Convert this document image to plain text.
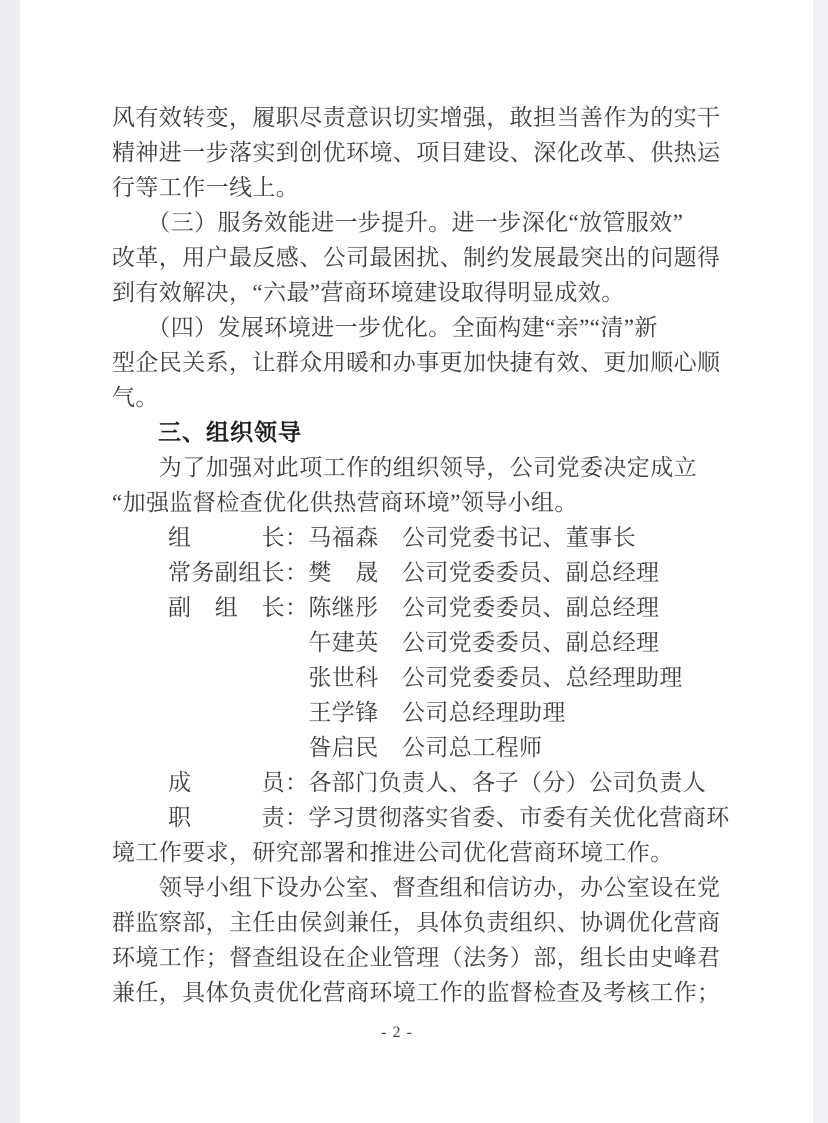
风有效转变，履职尽责意识切实增强，敢担当善作为的实干
精神进一步落实到创优环境、项目建设、深化改革、供热运
行等工作一线上。
　　（三）服务效能进一步提升。进一步深化“放管服效”
改革，用户最反感、公司最困扰、制约发展最突出的问题得
到有效解决，“六最”营商环境建设取得明显成效。
　　（四）发展环境进一步优化。全面构建“亲”“清”新
型企民关系，让群众用暖和办事更加快捷有效、更加顺心顺
气。
三、组织领导
　　为了加强对此项工作的组织领导，公司党委决定成立
“加强监督检查优化供热营商环境”领导小组。
组　　　长：马福森　公司党委书记、董事长
常务副组长：樊　晟　公司党委委员、副总经理
副　组　长：陈继彤　公司党委委员、副总经理
　　　　　　午建英　公司党委委员、副总经理
　　　　　　张世科　公司党委委员、总经理助理
　　　　　　王学锋　公司总经理助理
　　　　　　昝启民　公司总工程师
成　　　员：各部门负责人、各子（分）公司负责人
职　　　责：学习贯彻落实省委、市委有关优化营商环
境工作要求，研究部署和推进公司优化营商环境工作。
　　领导小组下设办公室、督查组和信访办，办公室设在党
群监察部，主任由侯剑兼任，具体负责组织、协调优化营商
环境工作；督查组设在企业管理（法务）部，组长由史峰君
兼任，具体负责优化营商环境工作的监督检查及考核工作；
- 2 -
